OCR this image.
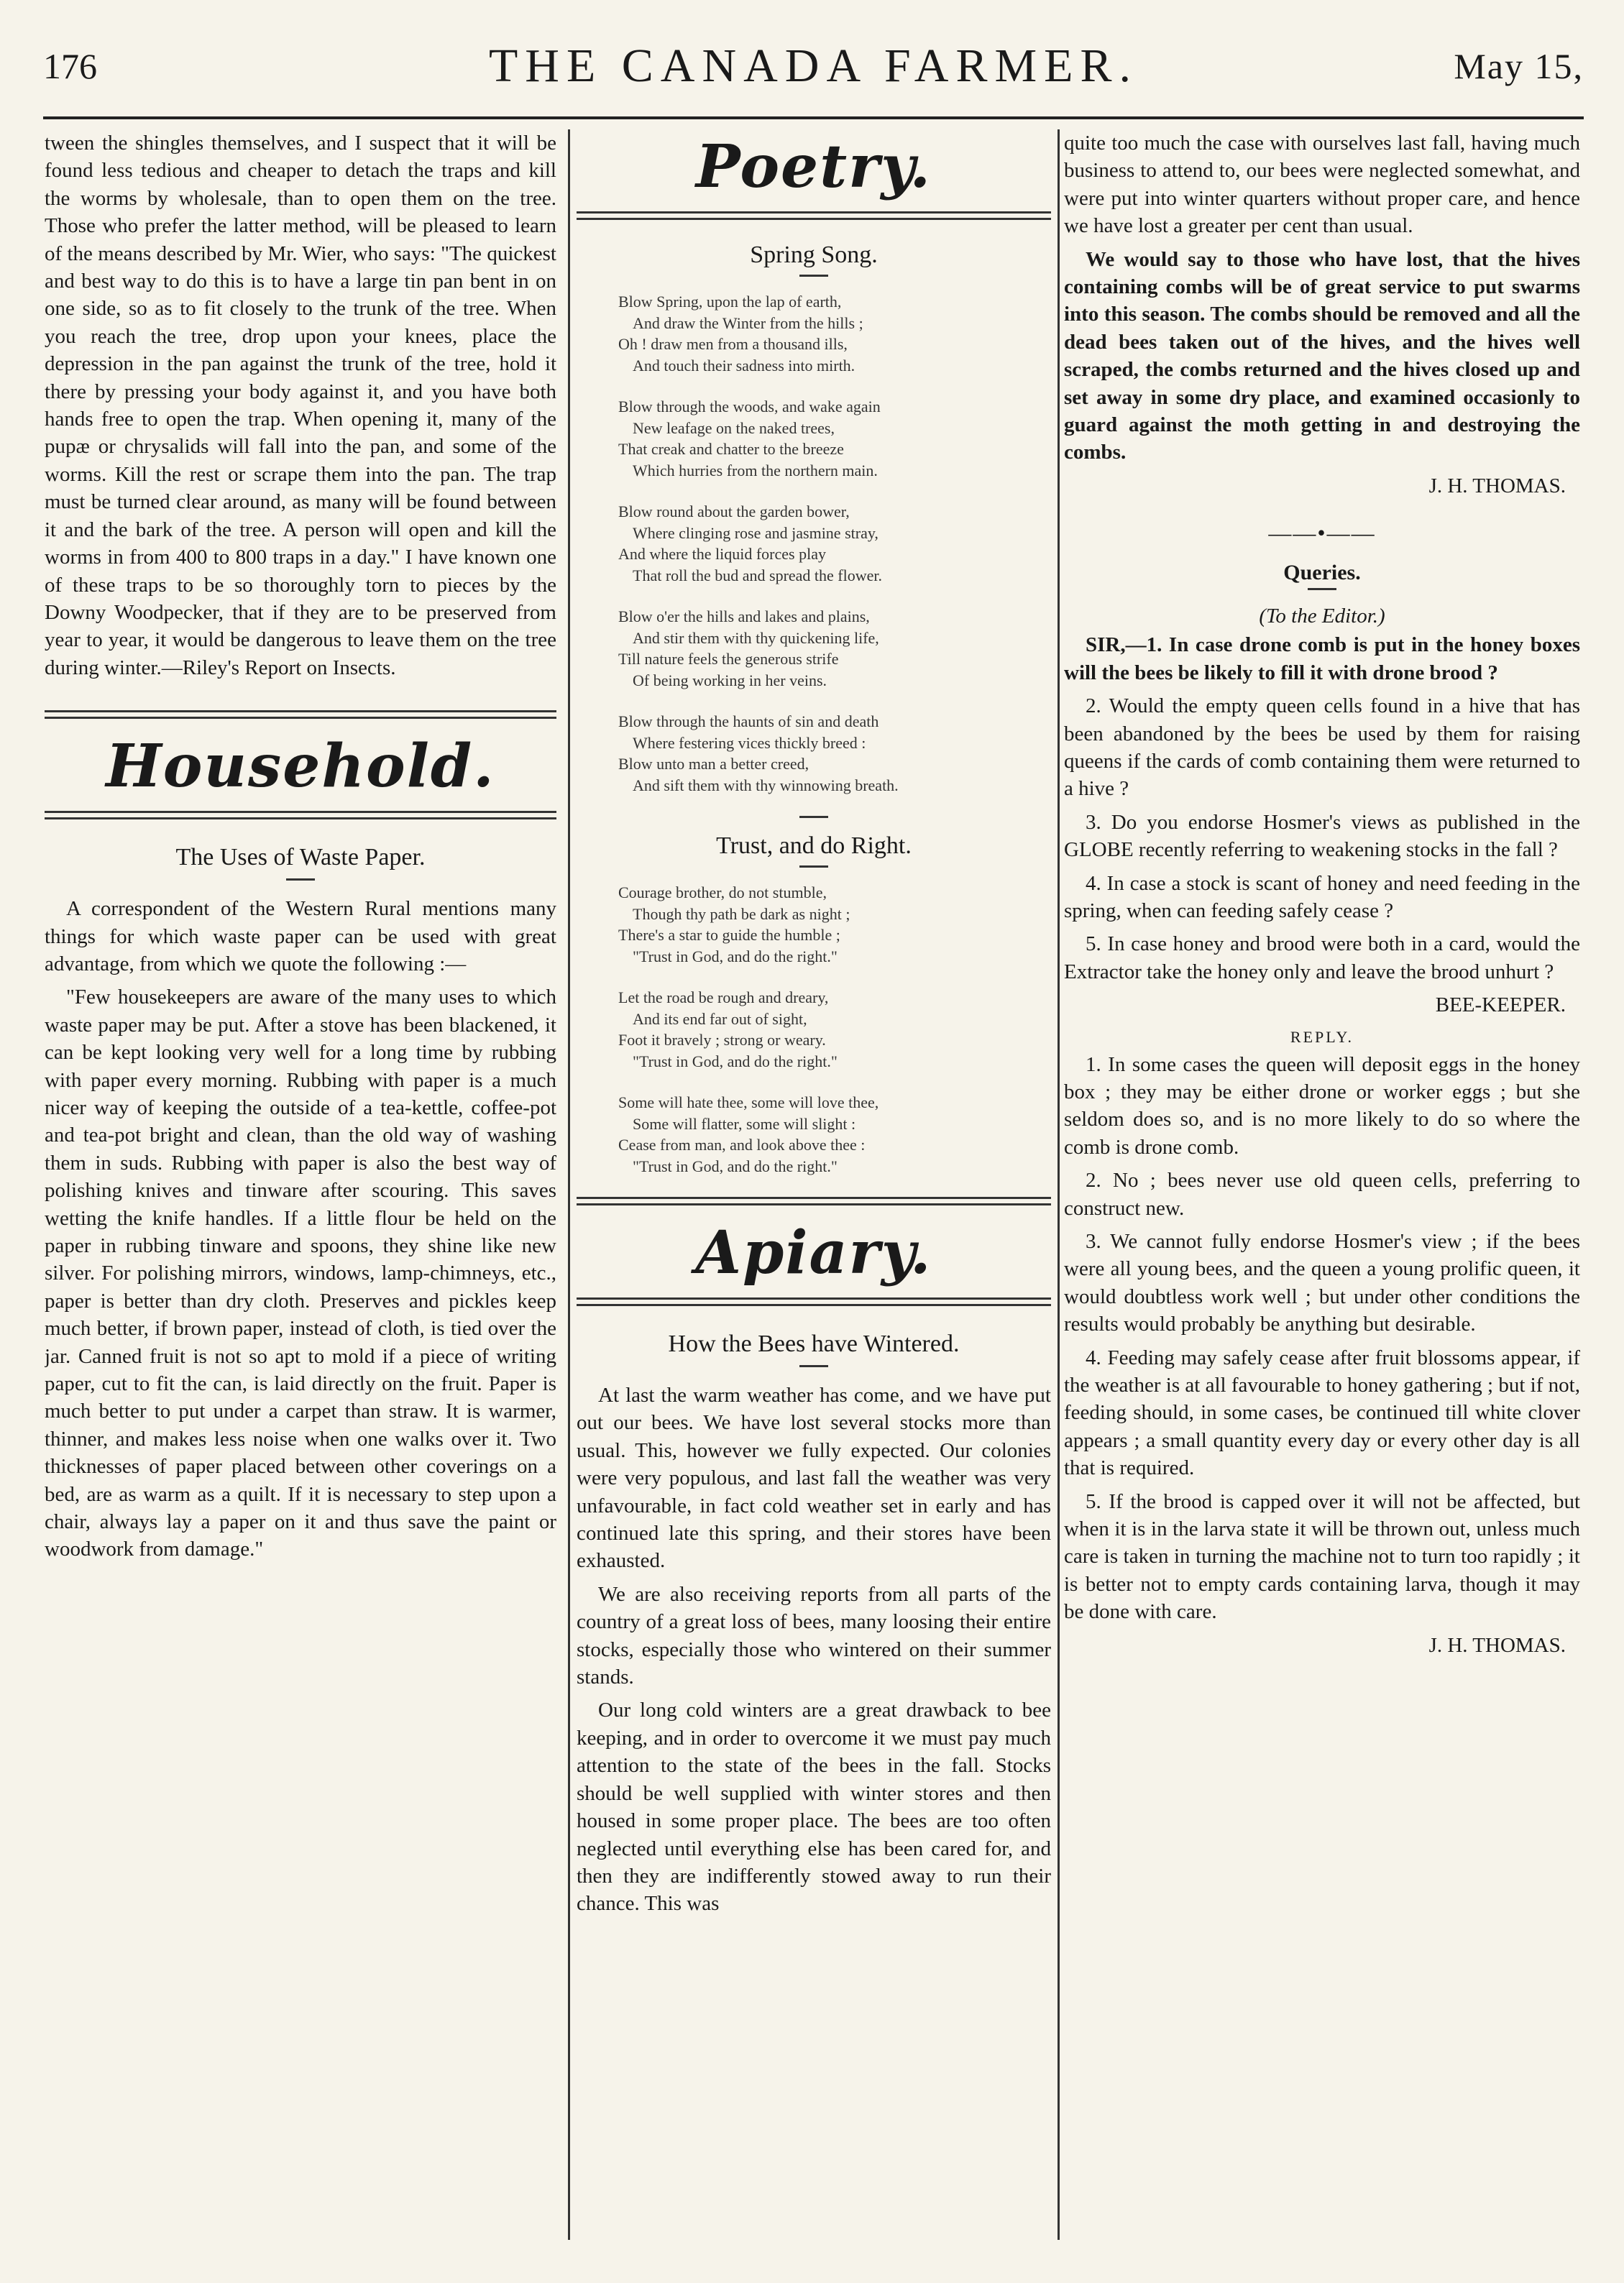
176	THE CANADA FARMER.	May 15,

tween the shingles themselves, and I suspect that it will be found less tedious and cheaper to detach the traps and kill the worms by wholesale, than to open them on the tree. Those who prefer the latter method, will be pleased to learn of the means described by Mr. Wier, who says: "The quickest and best way to do this is to have a large tin pan bent in on one side, so as to fit closely to the trunk of the tree. When you reach the tree, drop upon your knees, place the depression in the pan against the trunk of the tree, hold it there by pressing your body against it, and you have both hands free to open the trap. When opening it, many of the pupæ or chrysalids will fall into the pan, and some of the worms. Kill the rest or scrape them into the pan. The trap must be turned clear around, as many will be found between it and the bark of the tree. A person will open and kill the worms in from 400 to 800 traps in a day." I have known one of these traps to be so thoroughly torn to pieces by the Downy Woodpecker, that if they are to be preserved from year to year, it would be dangerous to leave them on the tree during winter.—Riley's Report on Insects.

Household.
The Uses of Waste Paper.

A correspondent of the Western Rural mentions many things for which waste paper can be used with great advantage, from which we quote the following :—

"Few housekeepers are aware of the many uses to which waste paper may be put. After a stove has been blackened, it can be kept looking very well for a long time by rubbing with paper every morning. Rubbing with paper is a much nicer way of keeping the outside of a tea-kettle, coffee-pot and tea-pot bright and clean, than the old way of washing them in suds. Rubbing with paper is also the best way of polishing knives and tinware after scouring. This saves wetting the knife handles. If a little flour be held on the paper in rubbing tinware and spoons, they shine like new silver. For polishing mirrors, windows, lamp-chimneys, etc., paper is better than dry cloth. Preserves and pickles keep much better, if brown paper, instead of cloth, is tied over the jar. Canned fruit is not so apt to mold if a piece of writing paper, cut to fit the can, is laid directly on the fruit. Paper is much better to put under a carpet than straw. It is warmer, thinner, and makes less noise when one walks over it. Two thicknesses of paper placed between other coverings on a bed, are as warm as a quilt. If it is necessary to step upon a chair, always lay a paper on it and thus save the paint or woodwork from damage."

Poetry.
Spring Song.
Blow Spring, upon the lap of earth,
And draw the Winter from the hills ;
Oh ! draw men from a thousand ills,
And touch their sadness into mirth.
Blow through the woods, and wake again
New leafage on the naked trees,
That creak and chatter to the breeze
Which hurries from the northern main.
Blow round about the garden bower,
Where clinging rose and jasmine stray,
And where the liquid forces play
That roll the bud and spread the flower.
Blow o'er the hills and lakes and plains,
And stir them with thy quickening life,
Till nature feels the generous strife
Of being working in her veins.
Blow through the haunts of sin and death
Where festering vices thickly breed :
Blow unto man a better creed,
And sift them with thy winnowing breath.
Trust, and do Right.
Courage brother, do not stumble,
Though thy path be dark as night ;
There's a star to guide the humble ;
"Trust in God, and do the right."
Let the road be rough and dreary,
And its end far out of sight,
Foot it bravely ; strong or weary.
"Trust in God, and do the right."
Some will hate thee, some will love thee,
Some will flatter, some will slight :
Cease from man, and look above thee :
"Trust in God, and do the right."
Apiary.
How the Bees have Wintered.

At last the warm weather has come, and we have put out our bees. We have lost several stocks more than usual. This, however we fully expected. Our colonies were very populous, and last fall the weather was very unfavourable, in fact cold weather set in early and has continued late this spring, and their stores have been exhausted.

We are also receiving reports from all parts of the country of a great loss of bees, many loosing their entire stocks, especially those who wintered on their summer stands.

Our long cold winters are a great drawback to bee keeping, and in order to overcome it we must pay much attention to the state of the bees in the fall. Stocks should be well supplied with winter stores and then housed in some proper place. The bees are too often neglected until everything else has been cared for, and then they are indifferently stowed away to run their chance. This was

quite too much the case with ourselves last fall, having much business to attend to, our bees were neglected somewhat, and were put into winter quarters without proper care, and hence we have lost a greater per cent than usual.

We would say to those who have lost, that the hives containing combs will be of great service to put swarms into this season. The combs should be removed and all the dead bees taken out of the hives, and the hives well scraped, the combs returned and the hives closed up and set away in some dry place, and examined occasionly to guard against the moth getting in and destroying the combs.

J. H. THOMAS.

——•——
Queries.
(To the Editor.)

SIR,—1. In case drone comb is put in the honey boxes will the bees be likely to fill it with drone brood ?

2. Would the empty queen cells found in a hive that has been abandoned by the bees be used by them for raising queens if the cards of comb containing them were returned to a hive ?

3. Do you endorse Hosmer's views as published in the GLOBE recently referring to weakening stocks in the fall ?

4. In case a stock is scant of honey and need feeding in the spring, when can feeding safely cease ?

5. In case honey and brood were both in a card, would the Extractor take the honey only and leave the brood unhurt ?

BEE-KEEPER.

REPLY.

1. In some cases the queen will deposit eggs in the honey box ; they may be either drone or worker eggs ; but she seldom does so, and is no more likely to do so where the comb is drone comb.

2. No ; bees never use old queen cells, preferring to construct new.

3. We cannot fully endorse Hosmer's view ; if the bees were all young bees, and the queen a young prolific queen, it would doubtless work well ; but under other conditions the results would probably be anything but desirable.

4. Feeding may safely cease after fruit blossoms appear, if the weather is at all favourable to honey gathering ; but if not, feeding should, in some cases, be continued till white clover appears ; a small quantity every day or every other day is all that is required.

5. If the brood is capped over it will not be affected, but when it is in the larva state it will be thrown out, unless much care is taken in turning the machine not to turn too rapidly ; it is better not to empty cards containing larva, though it may be done with care.

J. H. THOMAS.
